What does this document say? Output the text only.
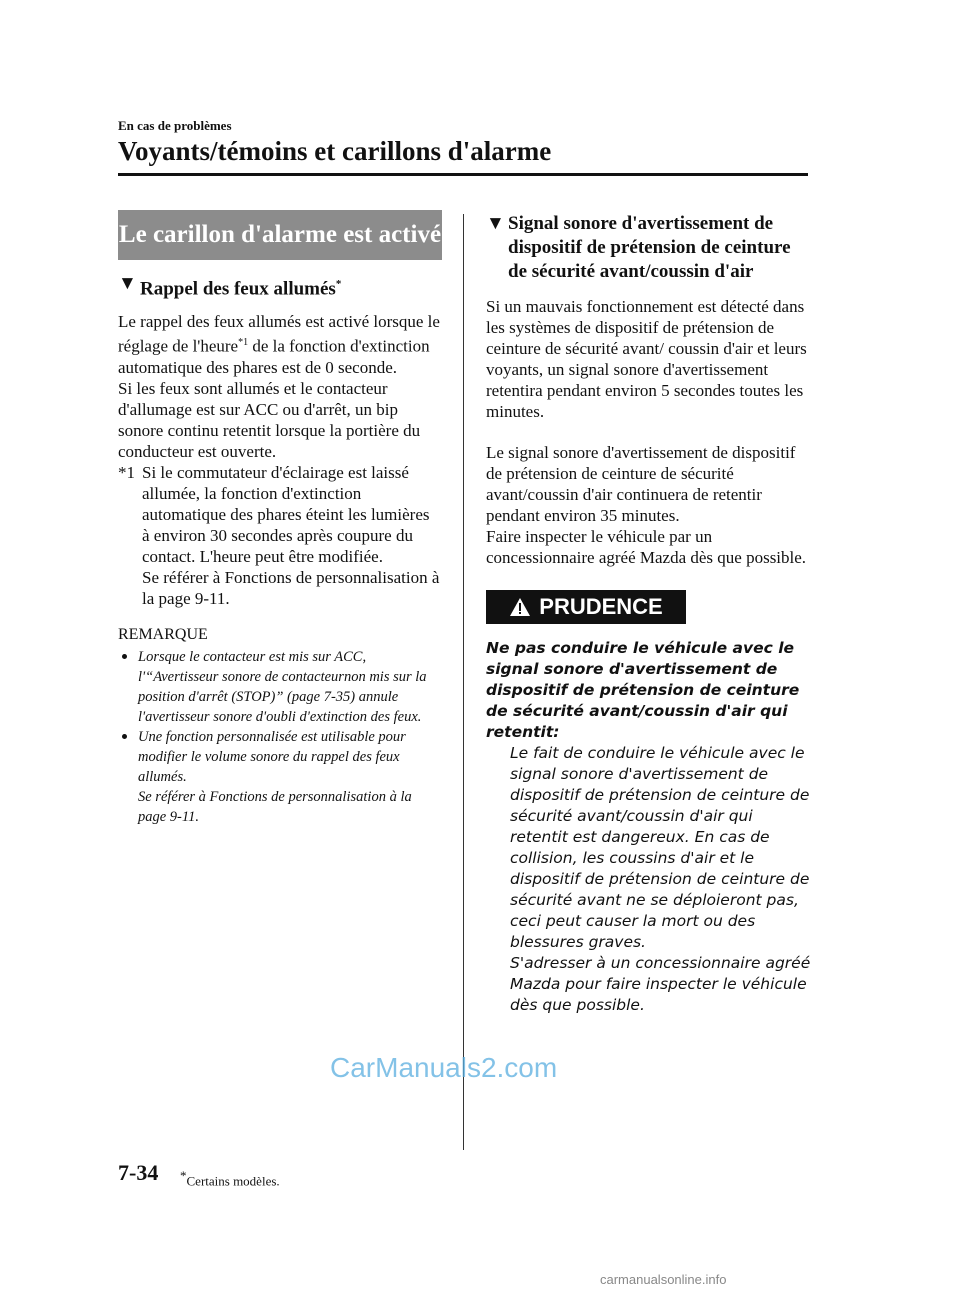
En cas de problèmes
Voyants/témoins et carillons d'alarme
Le carillon d'alarme est activé
▼ Rappel des feux allumés*

Le rappel des feux allumés est activé lorsque le réglage de l'heure$^{*1}$ de la fonction d'extinction automatique des phares est de 0 seconde.

Si les feux sont allumés et le contacteur d'allumage est sur ACC ou d'arrêt, un bip sonore continu retentit lorsque la portière du conducteur est ouverte.

*1 Si le commutateur d'éclairage est laissé allumée, la fonction d'extinction automatique des phares éteint les lumières à environ 30 secondes après coupure du contact. L'heure peut être modifiée.

Se référer à Fonctions de personnalisation à la page 9-11.

REMARQUE
Lorsque le contacteur est mis sur ACC, l'“Avertisseur sonore de contacteurnon mis sur la position d'arrêt (STOP)” (page 7-35) annule l'avertisseur sonore d'oubli d'extinction des feux.
Une fonction personnalisée est utilisable pour modifier le volume sonore du rappel des feux allumés.
Se référer à Fonctions de personnalisation à la page 9-11.
▼ Signal sonore d'avertissement de dispositif de prétension de ceinture de sécurité avant/coussin d'air

Si un mauvais fonctionnement est détecté dans les systèmes de dispositif de prétension de ceinture de sécurité avant/ coussin d'air et leurs voyants, un signal sonore d'avertissement retentira pendant environ 5 secondes toutes les minutes.

Le signal sonore d'avertissement de dispositif de prétension de ceinture de sécurité avant/coussin d'air continuera de retentir pendant environ 35 minutes.

Faire inspecter le véhicule par un concessionnaire agréé Mazda dès que possible.

PRUDENCE
Ne pas conduire le véhicule avec le signal sonore d'avertissement de dispositif de prétension de ceinture de sécurité avant/coussin d'air qui retentit:

Le fait de conduire le véhicule avec le signal sonore d'avertissement de dispositif de prétension de ceinture de sécurité avant/coussin d'air qui retentit est dangereux. En cas de collision, les coussins d'air et le dispositif de prétension de ceinture de sécurité avant ne se déploieront pas, ceci peut causer la mort ou des blessures graves.

S'adresser à un concessionnaire agréé Mazda pour faire inspecter le véhicule dès que possible.

CarManuals2.com
7-34 *Certains modèles.
carmanualsonline.info
